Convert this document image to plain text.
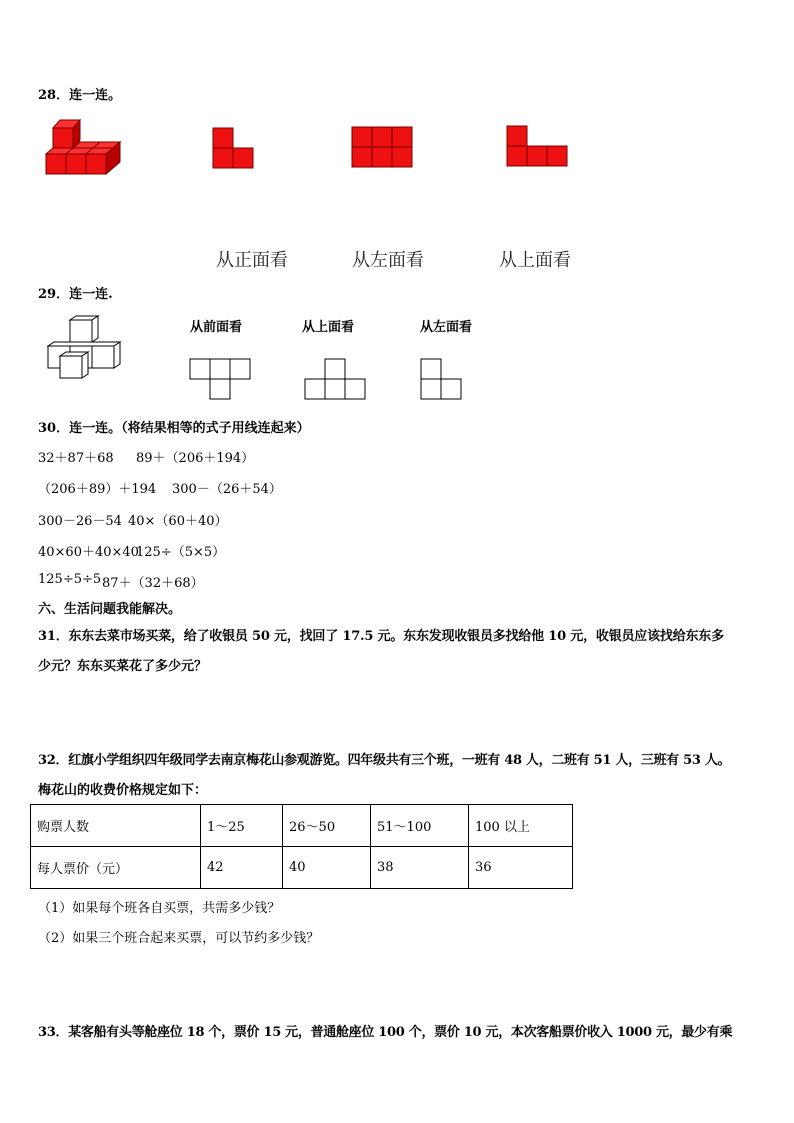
28．连一连。
从正面看	从左面看	从上面看
29．连一连.
从前面看	从上面看	从左面看
30．连一连。（将结果相等的式子用线连起来）
32＋87＋68 89＋（206＋194）
（206＋89）＋194 300－（26＋54）
300－26－54 40×（60＋40）
40×60＋40×40
125÷（5×5）
125÷5÷5 87＋（32＋68）
六、生活问题我能解决。
31．东东去菜市场买菜，给了收银员 50 元，找回了 17.5 元。东东发现收银员多找给他 10 元，收银员应该找给东东多
少元？东东买菜花了多少元？
32．红旗小学组织四年级同学去南京梅花山参观游览。四年级共有三个班，一班有 48 人，二班有 51 人，三班有 53 人。
梅花山的收费价格规定如下：
购票人数	1～25	26～50	51～100	100 以上
每人票价（元）	42	40	38	36
（1）如果每个班各自买票，共需多少钱？
（2）如果三个班合起来买票，可以节约多少钱？
33．某客船有头等舱座位 18 个，票价 15 元，普通舱座位 100 个，票价 10 元，本次客船票价收入 1000 元，最少有乘
